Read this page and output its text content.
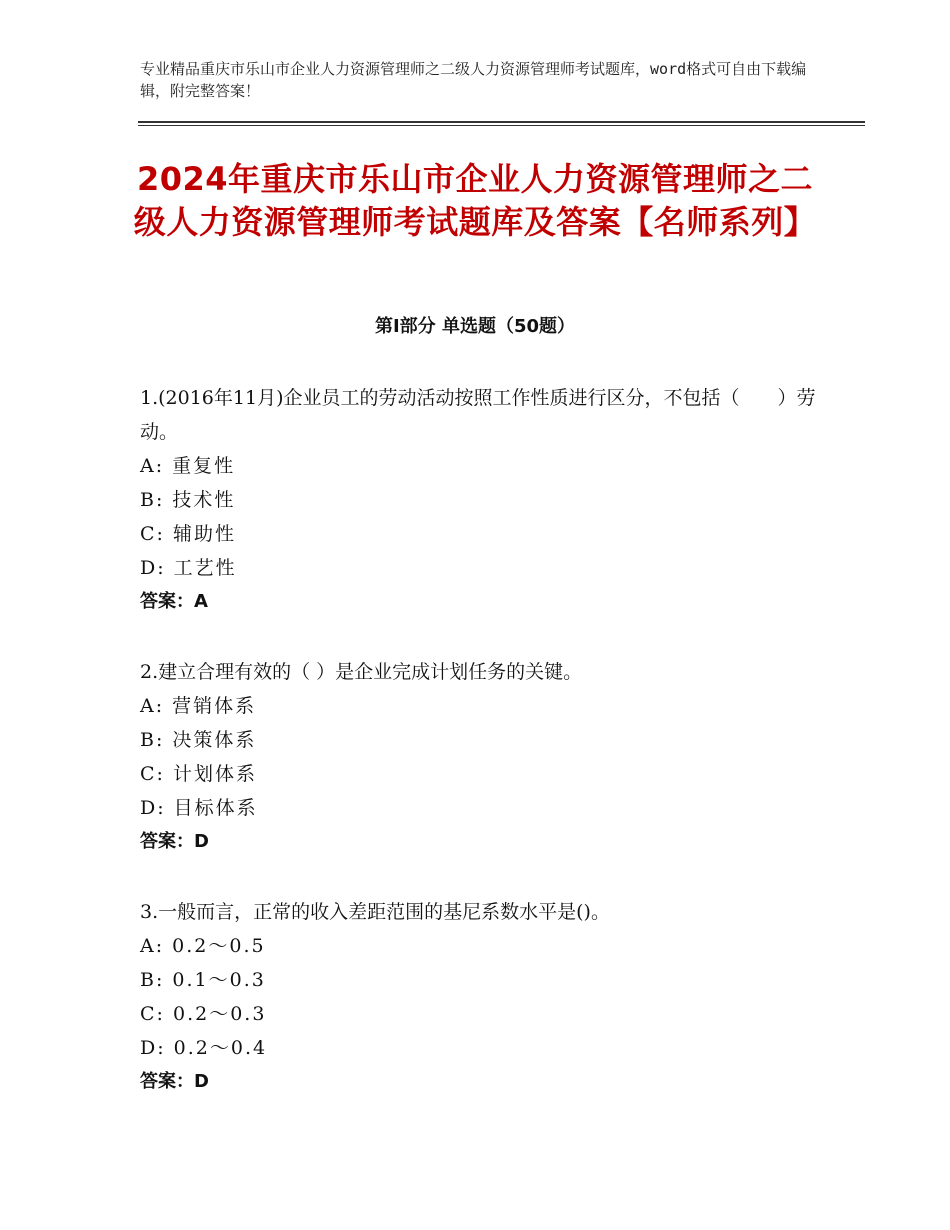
专业精品重庆市乐山市企业人力资源管理师之二级人力资源管理师考试题库，word格式可自由下载编辑，附完整答案！
2024年重庆市乐山市企业人力资源管理师之二级人力资源管理师考试题库及答案【名师系列】
第Ⅰ部分 单选题（50题）
1.(2016年11月)企业员工的劳动活动按照工作性质进行区分，不包括（　　）劳动。
A: 重复性
B: 技术性
C: 辅助性
D: 工艺性
答案：A
2.建立合理有效的（ ）是企业完成计划任务的关键。
A: 营销体系
B: 决策体系
C: 计划体系
D: 目标体系
答案：D
3.一般而言，正常的收入差距范围的基尼系数水平是()。
A: 0.2～0.5
B: 0.1～0.3
C: 0.2～0.3
D: 0.2～0.4
答案：D
